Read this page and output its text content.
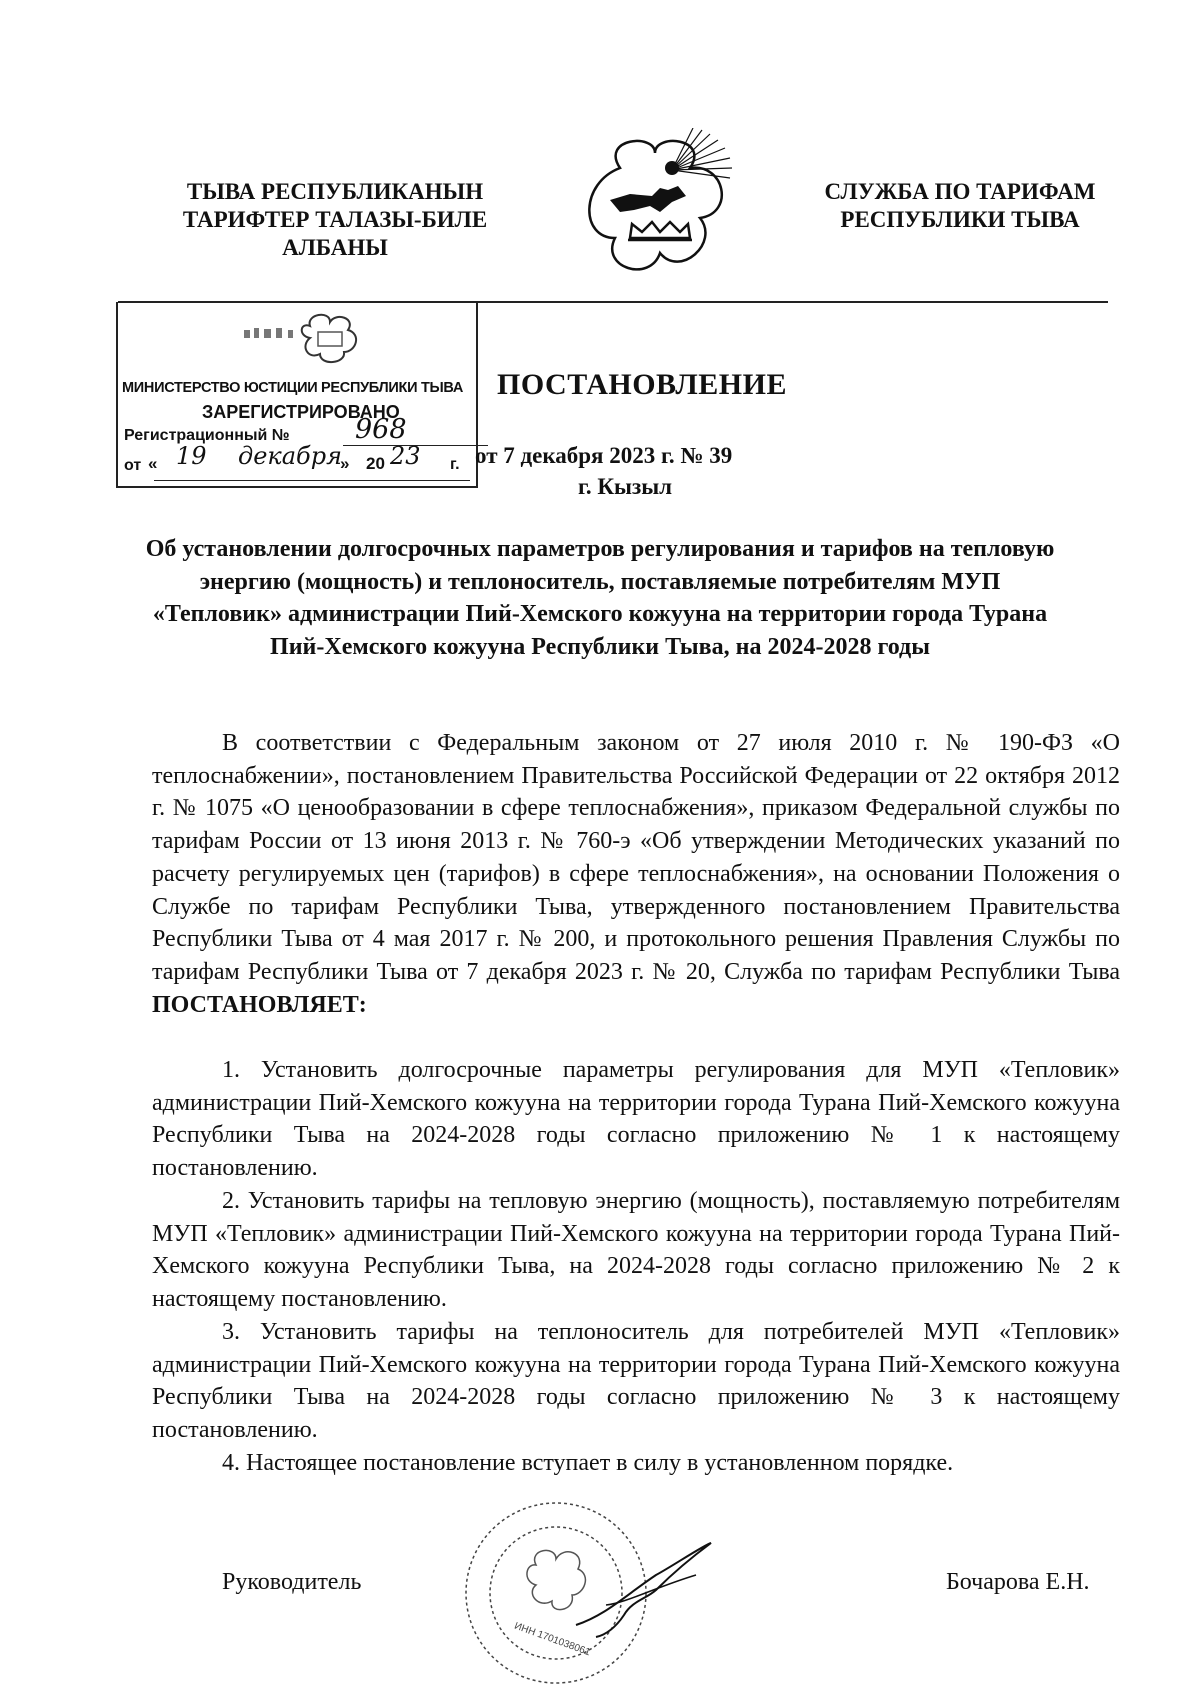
ТЫВА РЕСПУБЛИКАНЫН
ТАРИФТЕР ТАЛАЗЫ-БИЛЕ
АЛБАНЫ
СЛУЖБА ПО ТАРИФАМ
РЕСПУБЛИКИ ТЫВА
МИНИСТЕРСТВО ЮСТИЦИИ РЕСПУБЛИКИ ТЫВА
ЗАРЕГИСТРИРОВАНО
Регистрационный №	968
от « 19	»
декабря 20 23 г.
ПОСТАНОВЛЕНИЕ
от 7 декабря 2023 г. № 39
г. Кызыл
Об установлении долгосрочных параметров регулирования и тарифов на тепловую энергию (мощность) и теплоноситель, поставляемые потребителям МУП «Тепловик» администрации Пий-Хемского кожууна на территории города Турана Пий-Хемского кожууна Республики Тыва, на 2024-2028 годы
В соответствии с Федеральным законом от 27 июля 2010 г. № 190-ФЗ «О теплоснабжении», постановлением Правительства Российской Федерации от 22 октября 2012 г. № 1075 «О ценообразовании в сфере теплоснабжения», приказом Федеральной службы по тарифам России от 13 июня 2013 г. № 760-э «Об утверждении Методических указаний по расчету регулируемых цен (тарифов) в сфере теплоснабжения», на основании Положения о Службе по тарифам Республики Тыва, утвержденного постановлением Правительства Республики Тыва от 4 мая 2017 г. № 200, и протокольного решения Правления Службы по тарифам Республики Тыва от 7 декабря 2023 г. № 20, Служба по тарифам Республики Тыва ПОСТАНОВЛЯЕТ:
1. Установить долгосрочные параметры регулирования для МУП «Тепловик» администрации Пий-Хемского кожууна на территории города Турана Пий-Хемского кожууна Республики Тыва на 2024-2028 годы согласно приложению № 1 к настоящему постановлению.
2. Установить тарифы на тепловую энергию (мощность), поставляемую потребителям МУП «Тепловик» администрации Пий-Хемского кожууна на территории города Турана Пий-Хемского кожууна Республики Тыва, на 2024-2028 годы согласно приложению № 2 к настоящему постановлению.
3. Установить тарифы на теплоноситель для потребителей МУП «Тепловик» администрации Пий-Хемского кожууна на территории города Турана Пий-Хемского кожууна Республики Тыва на 2024-2028 годы согласно приложению № 3 к настоящему постановлению.
4. Настоящее постановление вступает в силу в установленном порядке.
ИНН 1701038061
Руководитель	Бочарова Е.Н.
